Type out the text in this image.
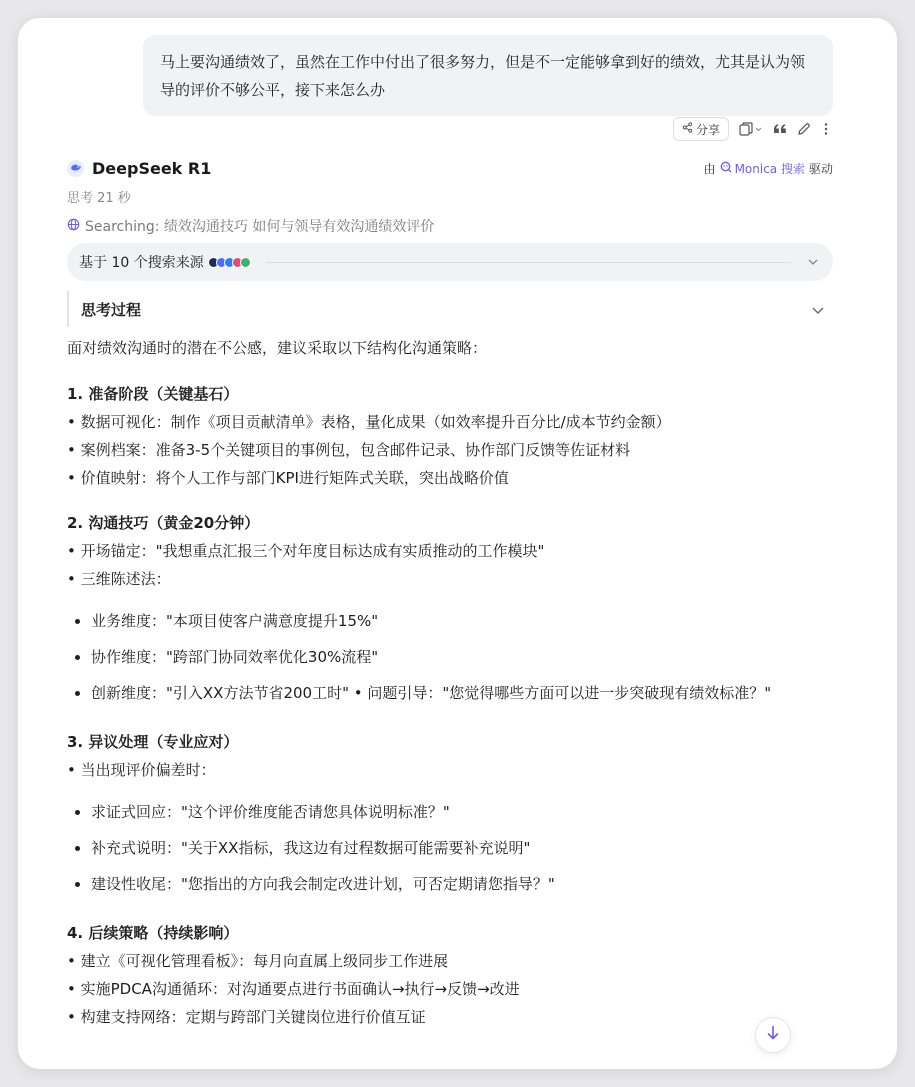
马上要沟通绩效了，虽然在工作中付出了很多努力，但是不一定能够拿到好的绩效，尤其是认为领导的评价不够公平，接下来怎么办
分享
DeepSeek R1	由 Monica 搜索 驱动
思考 21 秒
Searching: 绩效沟通技巧 如何与领导有效沟通绩效评价
基于 10 个搜索来源
思考过程
面对绩效沟通时的潜在不公感，建议采取以下结构化沟通策略：
1. 准备阶段（关键基石）
• 数据可视化：制作《项目贡献清单》表格，量化成果（如效率提升百分比/成本节约金额）
• 案例档案：准备3-5个关键项目的事例包，包含邮件记录、协作部门反馈等佐证材料
• 价值映射：将个人工作与部门KPI进行矩阵式关联，突出战略价值
2. 沟通技巧（黄金20分钟）
• 开场锚定："我想重点汇报三个对年度目标达成有实质推动的工作模块"
• 三维陈述法：
• 业务维度："本项目使客户满意度提升15%"
• 协作维度："跨部门协同效率优化30%流程"
• 创新维度："引入XX方法节省200工时" • 问题引导："您觉得哪些方面可以进一步突破现有绩效标准？"
3. 异议处理（专业应对）
• 当出现评价偏差时：
• 求证式回应："这个评价维度能否请您具体说明标准？"
• 补充式说明："关于XX指标，我这边有过程数据可能需要补充说明"
• 建设性收尾："您指出的方向我会制定改进计划，可否定期请您指导？"
4. 后续策略（持续影响）
• 建立《可视化管理看板》：每月向直属上级同步工作进展
• 实施PDCA沟通循环：对沟通要点进行书面确认→执行→反馈→改进
• 构建支持网络：定期与跨部门关键岗位进行价值互证
